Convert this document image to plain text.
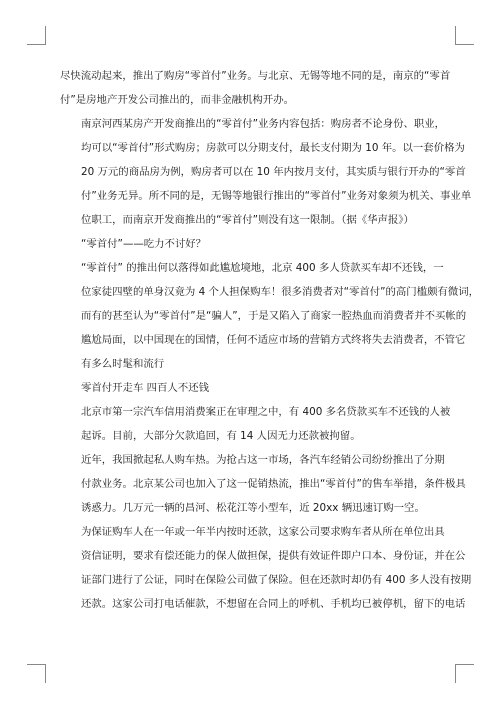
尽快流动起来，推出了购房“零首付”业务。与北京、无锡等地不同的是，南京的“零首
付”是房地产开发公司推出的，而非金融机构开办。

南京河西某房产开发商推出的“零首付”业务内容包括：购房者不论身份、职业，
均可以“零首付”形式购房；房款可以分期支付，最长支付期为 10 年。以一套价格为
20 万元的商品房为例，购房者可以在 10 年内按月支付，其实质与银行开办的“零首
付”业务无异。所不同的是，无锡等地银行推出的“零首付”业务对象须为机关、事业单
位职工，而南京开发商推出的“零首付”则没有这一限制。（据《华声报》）

“零首付”——吃力不讨好？

“零首付” 的推出何以落得如此尴尬境地，北京 400 多人贷款买车却不还钱，一
位家徒四壁的单身汉竟为 4 个人担保购车！很多消费者对“零首付”的高门槛颇有微词，
而有的甚至认为“零首付”是“骗人”，于是又陷入了商家一腔热血而消费者并不买帐的
尴尬局面，以中国现在的国情，任何不适应市场的营销方式终将失去消费者，不管它
有多么时髦和流行

零首付开走车 四百人不还钱

北京市第一宗汽车信用消费案正在审理之中，有 400 多名贷款买车不还钱的人被
起诉。目前，大部分欠款追回，有 14 人因无力还款被拘留。

近年，我国掀起私人购车热。为抢占这一市场，各汽车经销公司纷纷推出了分期
付款业务。北京某公司也加入了这一促销热流，推出“零首付”的售车举措，条件极具
诱惑力。几万元一辆的昌河、松花江等小型车，近 20xx 辆迅速订购一空。

为保证购车人在一年或一年半内按时还款，这家公司要求购车者从所在单位出具
资信证明，要求有偿还能力的保人做担保，提供有效证件即户口本、身份证，并在公
证部门进行了公证，同时在保险公司做了保险。但在还款时却仍有 400 多人没有按期
还款。这家公司打电话催款，不想留在合同上的呼机、手机均已被停机，留下的电话
